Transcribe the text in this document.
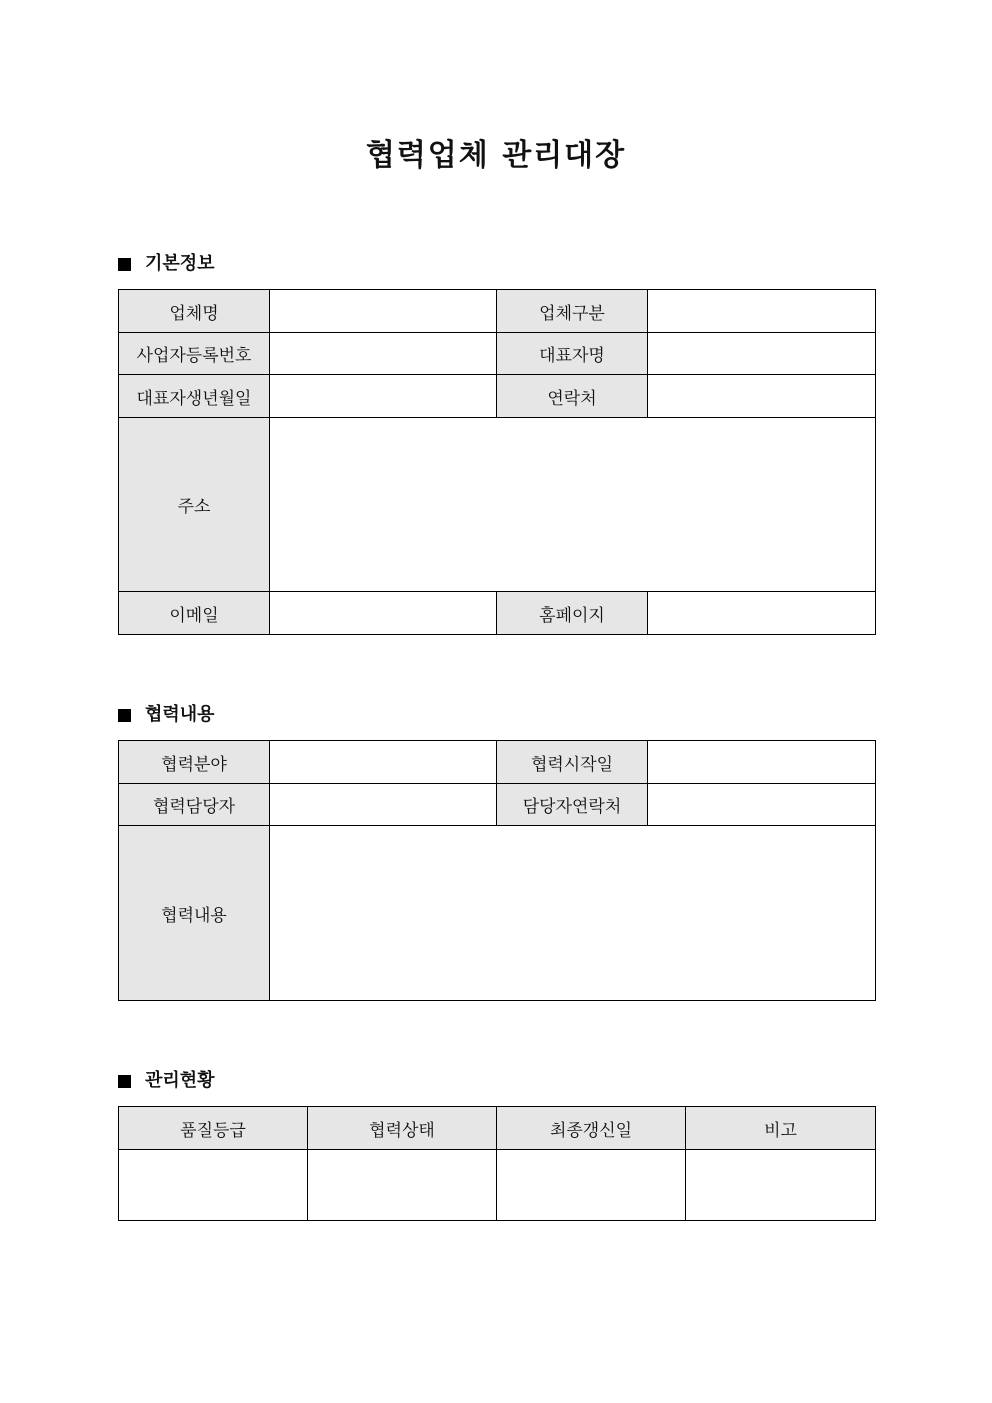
협력업체 관리대장
기본정보
업체명		업체구분	
사업자등록번호		대표자명	
대표자생년월일		연락처	
주소			
이메일		홈페이지	
협력내용
협력분야		협력시작일	
협력담당자		담당자연락처	
협력내용			
관리현황
품질등급	협력상태	최종갱신일	비고
